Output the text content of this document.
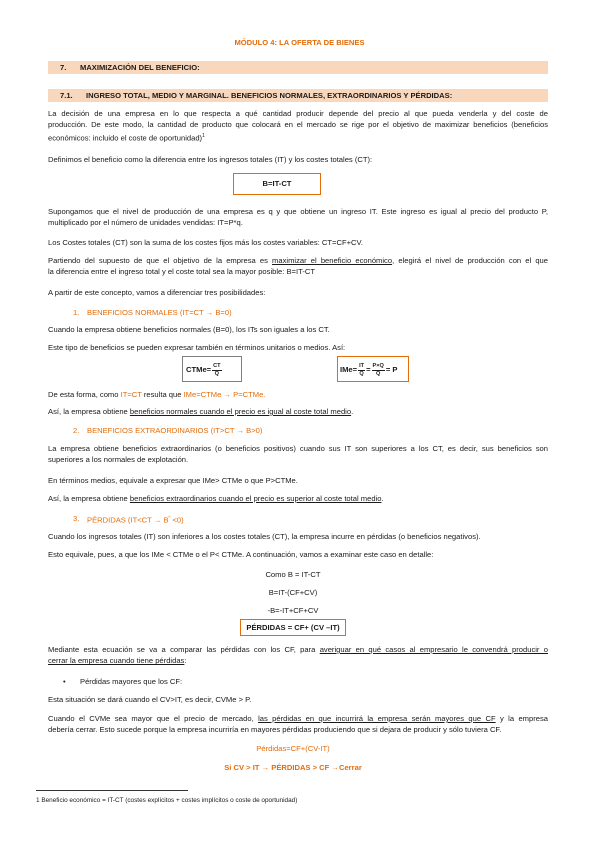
MÓDULO 4: LA OFERTA DE BIENES
7. MAXIMIZACIÓN DEL BENEFICIO:
7.1. INGRESO TOTAL, MEDIO Y MARGINAL. BENEFICIOS NORMALES, EXTRAORDINARIOS Y PÉRDIDAS:
La decisión de una empresa en lo que respecta a qué cantidad producir depende del precio al que pueda venderla y del coste de
producción. De este modo, la cantidad de producto que colocará en el mercado se rige por el objetivo de maximizar beneficios (beneficios
económicos: incluido el coste de oportunidad)$^1$
Definimos el beneficio como la diferencia entre los ingresos totales (IT) y los costes totales (CT):
B=IT-CT
Supongamos que el nivel de producción de una empresa es q y que obtiene un ingreso IT. Este ingreso es igual al precio del producto P,
multiplicado por el número de unidades vendidas: IT=P*q.
Los Costes totales (CT) son la suma de los costes fijos más los costes variables: CT=CF+CV.
Partiendo del supuesto de que el objetivo de la empresa es maximizar el beneficio económico, elegirá el nivel de producción con el que
la diferencia entre el ingreso total y el coste total sea la mayor posible: B=IT-CT
A partir de este concepto, vamos a diferenciar tres posibilidades:
1. BENEFICIOS NORMALES (IT=CT → B=0)
Cuando la empresa obtiene beneficios normales (B=0), los ITs son iguales a los CT.
Este tipo de beneficios se pueden expresar también en términos unitarios o medios. Así:
CTMe= $\frac{CT}{Q}$	$IMe= \frac{IT}{Q} = \frac{P\times Q}{Q} = P$
De esta forma, como IT=CT resulta que IMe=CTMe → P=CTMe.
Así, la empresa obtiene beneficios normales cuando el precio es igual al coste total medio.
2. BENEFICIOS EXTRAORDINARIOS (IT>CT → B>0)
La empresa obtiene beneficios extraordinarios (o beneficios positivos) cuando sus IT son superiores a los CT, es decir, sus beneficios son
superiores a los normales de explotación.
En términos medios, equivale a expresar que IMe> CTMe o que P>CTMe.
Así, la empresa obtiene beneficios extraordinarios cuando el precio es superior al coste total medio.
3. PÉRDIDAS $(IT<CT \to B^º <0)$
Cuando los ingresos totales (IT) son inferiores a los costes totales (CT), la empresa incurre en pérdidas (o beneficios negativos).
Esto equivale, pues, a que los IMe < CTMe o el P< CTMe. A continuación, vamos a examinar este caso en detalle:
Como B = IT-CT
B=IT-(CF+CV)
-B=-IT+CF+CV
PÉRDIDAS = CF+ (CV –IT)
Mediante esta ecuación se va a comparar las pérdidas con los CF, para averiguar en qué casos al empresario le convendrá producir o
cerrar la empresa cuando tiene pérdidas:
• Pérdidas mayores que los CF:
Esta situación se dará cuando el CV>IT, es decir, CVMe > P.
Cuando el CVMe sea mayor que el precio de mercado, las pérdidas en que incurrirá la empresa serán mayores que CF y la empresa
debería cerrar. Esto sucede porque la empresa incurriría en mayores pérdidas produciendo que si dejara de producir y sólo tuviera CF.
Pérdidas=CF+(CV-IT)
Si CV > IT → PÉRDIDAS > CF →Cerrar
1 Beneficio económico = IT-CT (costes explícitos + costes implícitos o coste de oportunidad)
